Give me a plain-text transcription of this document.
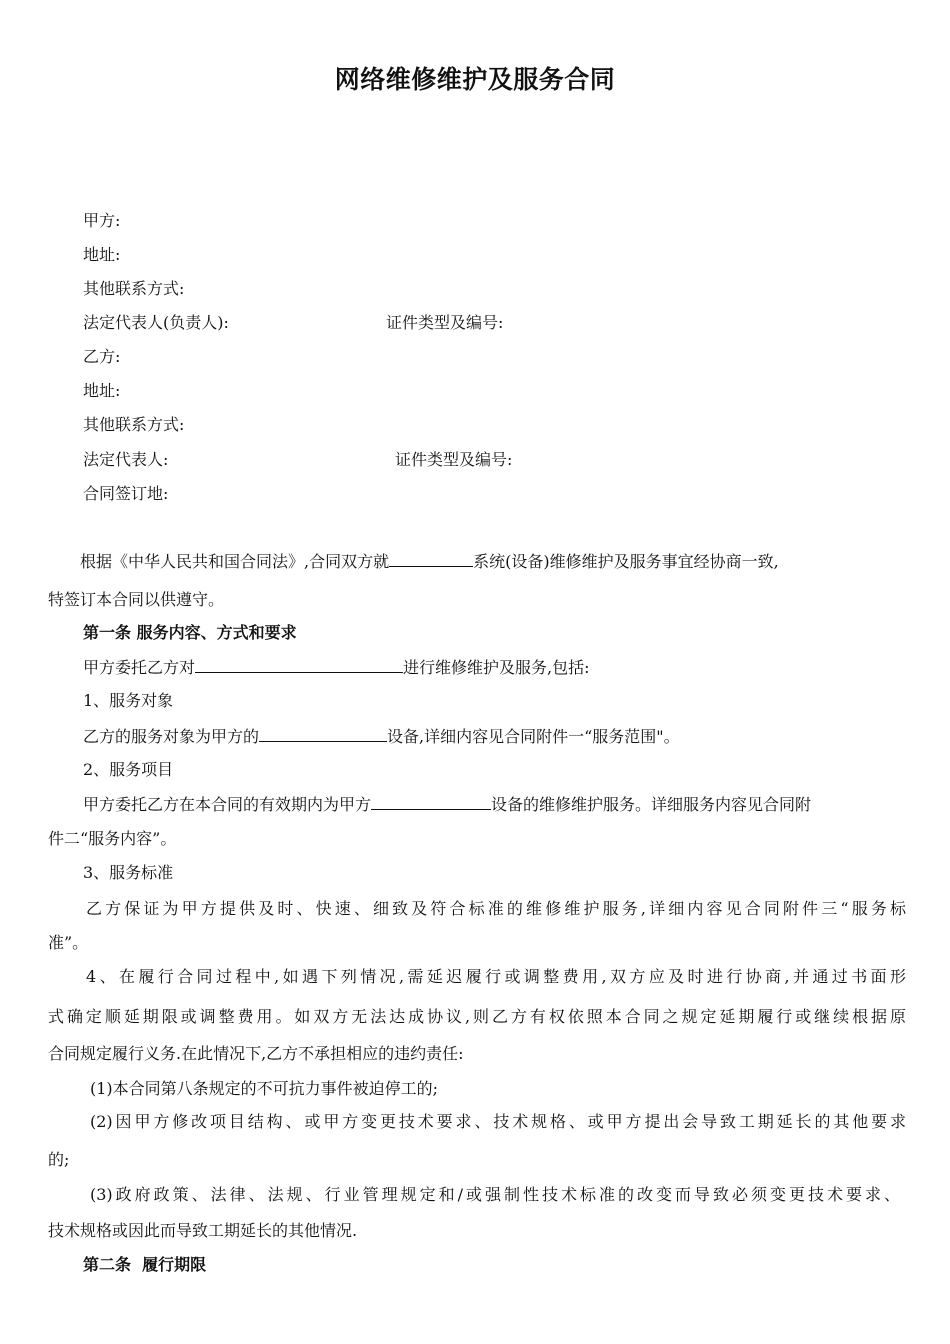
网络维修维护及服务合同
甲方:
地址:
其他联系方式:
法定代表人(负责人):	证件类型及编号:
乙方:
地址:
其他联系方式:
法定代表人:	证件类型及编号:
合同签订地:
根据《中华人民共和国合同法》,合同双方就	系统(设备)维修维护及服务事宜经协商一致,
特签订本合同以供遵守。
第一条 服务内容、方式和要求
甲方委托乙方对	进行维修维护及服务,包括:
1、服务对象
乙方的服务对象为甲方的	设备,详细内容见合同附件一“服务范围"。
2、服务项目
甲方委托乙方在本合同的有效期内为甲方	设备的维修维护服务。详细服务内容见合同附
件二“服务内容”。
3、服务标准
乙方保证为甲方提供及时、快速、细致及符合标准的维修维护服务,详细内容见合同附件三“服务标
准”。
4、在履行合同过程中,如遇下列情况,需延迟履行或调整费用,双方应及时进行协商,并通过书面形
式确定顺延期限或调整费用。如双方无法达成协议,则乙方有权依照本合同之规定延期履行或继续根据原
合同规定履行义务.在此情况下,乙方不承担相应的违约责任:
(1)本合同第八条规定的不可抗力事件被迫停工的;
(2)因甲方修改项目结构、或甲方变更技术要求、技术规格、或甲方提出会导致工期延长的其他要求
的;
(3)政府政策、法律、法规、行业管理规定和/或强制性技术标准的改变而导致必须变更技术要求、
技术规格或因此而导致工期延长的其他情况.
第二条  履行期限
